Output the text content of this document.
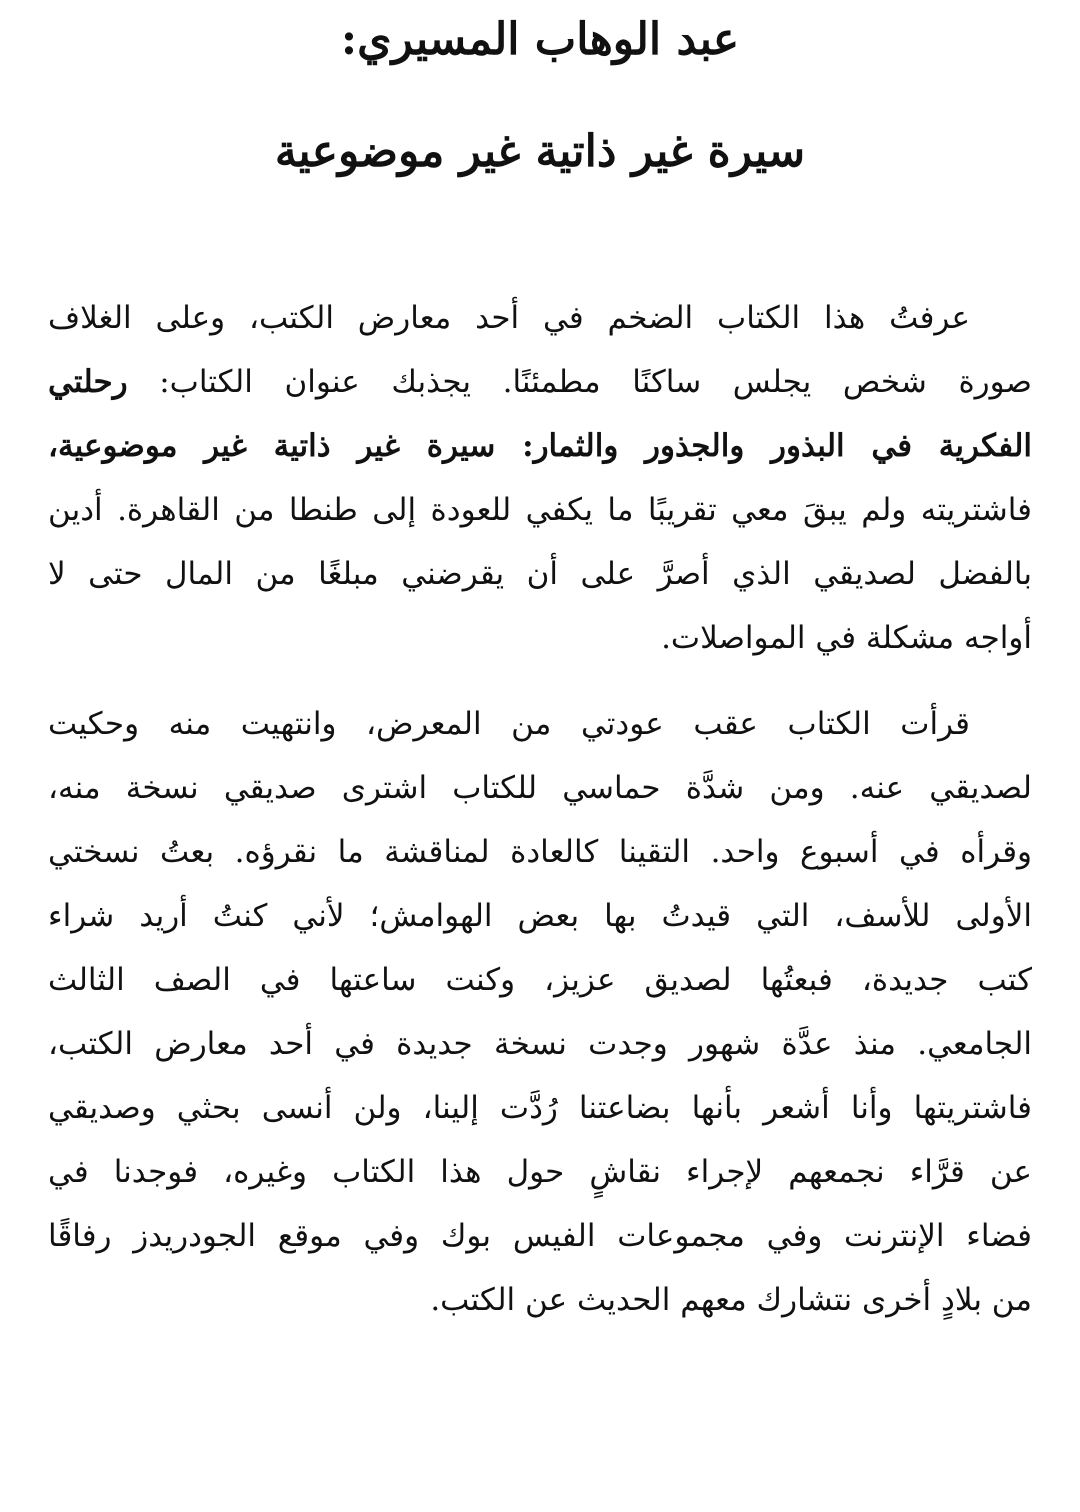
عبد الوهاب المسيري:

سيرة غير ذاتية غير موضوعية

عرفتُ هذا الكتاب الضخم في أحد معارض الكتب، وعلى الغلاف
صورة شخص يجلس ساكنًا مطمئنًا. يجذبك عنوان الكتاب: رحلتي
الفكرية في البذور والجذور والثمار: سيرة غير ذاتية غير موضوعية،
فاشتريته ولم يبقَ معي تقريبًا ما يكفي للعودة إلى طنطا من القاهرة. أدين
بالفضل لصديقي الذي أصرَّ على أن يقرضني مبلغًا من المال حتى لا
أواجه مشكلة في المواصلات.

قرأت الكتاب عقب عودتي من المعرض، وانتهيت منه وحكيت
لصديقي عنه. ومن شدَّة حماسي للكتاب اشترى صديقي نسخة منه،
وقرأه في أسبوع واحد. التقينا كالعادة لمناقشة ما نقرؤه. بعتُ نسختي
الأولى للأسف، التي قيدتُ بها بعض الهوامش؛ لأني كنتُ أريد شراء
كتب جديدة، فبعتُها لصديق عزيز، وكنت ساعتها في الصف الثالث
الجامعي. منذ عدَّة شهور وجدت نسخة جديدة في أحد معارض الكتب،
فاشتريتها وأنا أشعر بأنها بضاعتنا رُدَّت إلينا، ولن أنسى بحثي وصديقي
عن قرَّاء نجمعهم لإجراء نقاشٍ حول هذا الكتاب وغيره، فوجدنا في
فضاء الإنترنت وفي مجموعات الفيس بوك وفي موقع الجودريدز رفاقًا
من بلادٍ أخرى نتشارك معهم الحديث عن الكتب.
